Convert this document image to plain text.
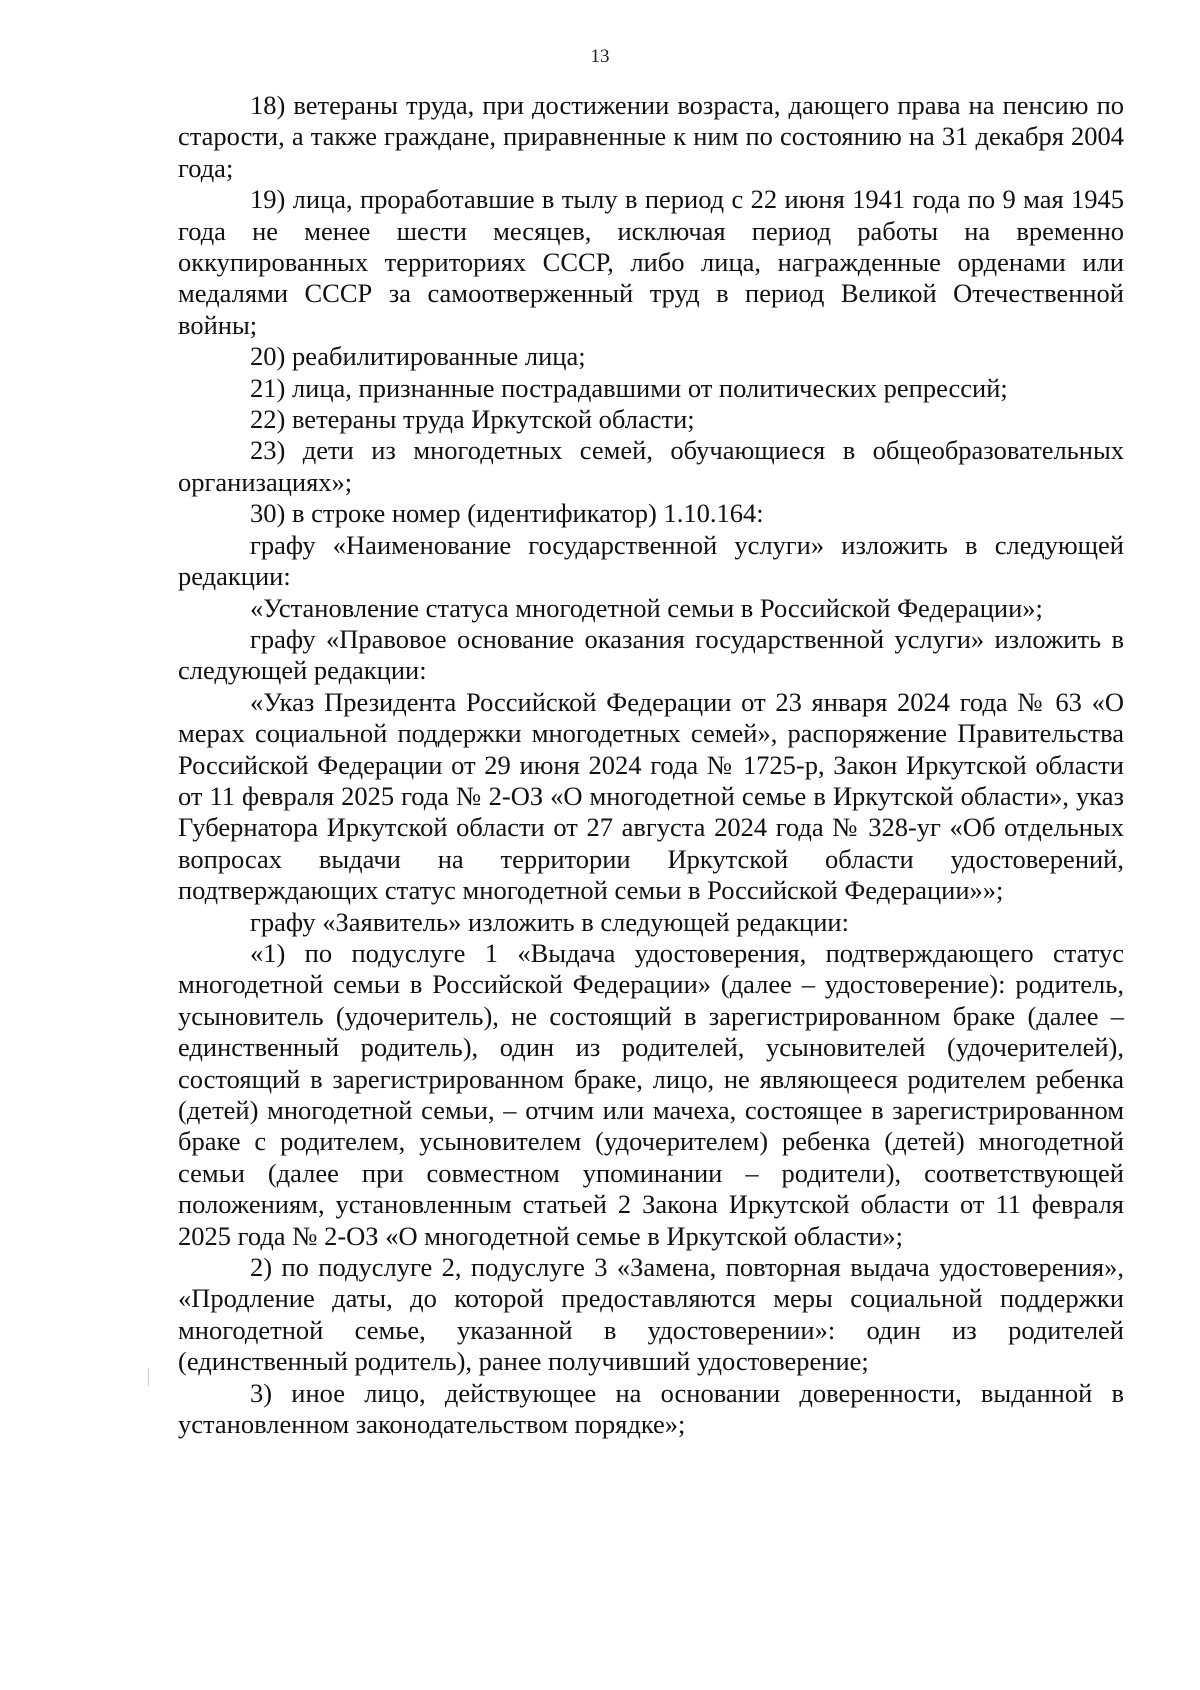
13

18) ветераны труда, при достижении возраста, дающего права на пенсию по старости, а также граждане, приравненные к ним по состоянию на 31 декабря 2004 года;

19) лица, проработавшие в тылу в период с 22 июня 1941 года по 9 мая 1945 года не менее шести месяцев, исключая период работы на временно оккупированных территориях СССР, либо лица, награжденные орденами или медалями СССР за самоотверженный труд в период Великой Отечественной войны;

20) реабилитированные лица;

21) лица, признанные пострадавшими от политических репрессий;

22) ветераны труда Иркутской области;

23) дети из многодетных семей, обучающиеся в общеобразовательных организациях»;

30) в строке номер (идентификатор) 1.10.164:

графу «Наименование государственной услуги» изложить в следующей редакции:

«Установление статуса многодетной семьи в Российской Федерации»;

графу «Правовое основание оказания государственной услуги» изложить в следующей редакции:

«Указ Президента Российской Федерации от 23 января 2024 года № 63 «О мерах социальной поддержки многодетных семей», распоряжение Правительства Российской Федерации от 29 июня 2024 года № 1725-р, Закон Иркутской области от 11 февраля 2025 года № 2-ОЗ «О многодетной семье в Иркутской области», указ Губернатора Иркутской области от 27 августа 2024 года № 328-уг «Об отдельных вопросах выдачи на территории Иркутской области удостоверений, подтверждающих статус многодетной семьи в Российской Федерации»»;

графу «Заявитель» изложить в следующей редакции:

«1) по подуслуге 1 «Выдача удостоверения, подтверждающего статус многодетной семьи в Российской Федерации» (далее – удостоверение): родитель, усыновитель (удочеритель), не состоящий в зарегистрированном браке (далее – единственный родитель), один из родителей, усыновителей (удочерителей), состоящий в зарегистрированном браке, лицо, не являющееся родителем ребенка (детей) многодетной семьи, – отчим или мачеха, состоящее в зарегистрированном браке с родителем, усыновителем (удочерителем) ребенка (детей) многодетной семьи (далее при совместном упоминании – родители), соответствующей положениям, установленным статьей 2 Закона Иркутской области от 11 февраля 2025 года № 2-ОЗ «О многодетной семье в Иркутской области»;

2) по подуслуге 2, подуслуге 3 «Замена, повторная выдача удостоверения», «Продление даты, до которой предоставляются меры социальной поддержки многодетной семье, указанной в удостоверении»: один из родителей (единственный родитель), ранее получивший удостоверение;

3) иное лицо, действующее на основании доверенности, выданной в установленном законодательством порядке»;
